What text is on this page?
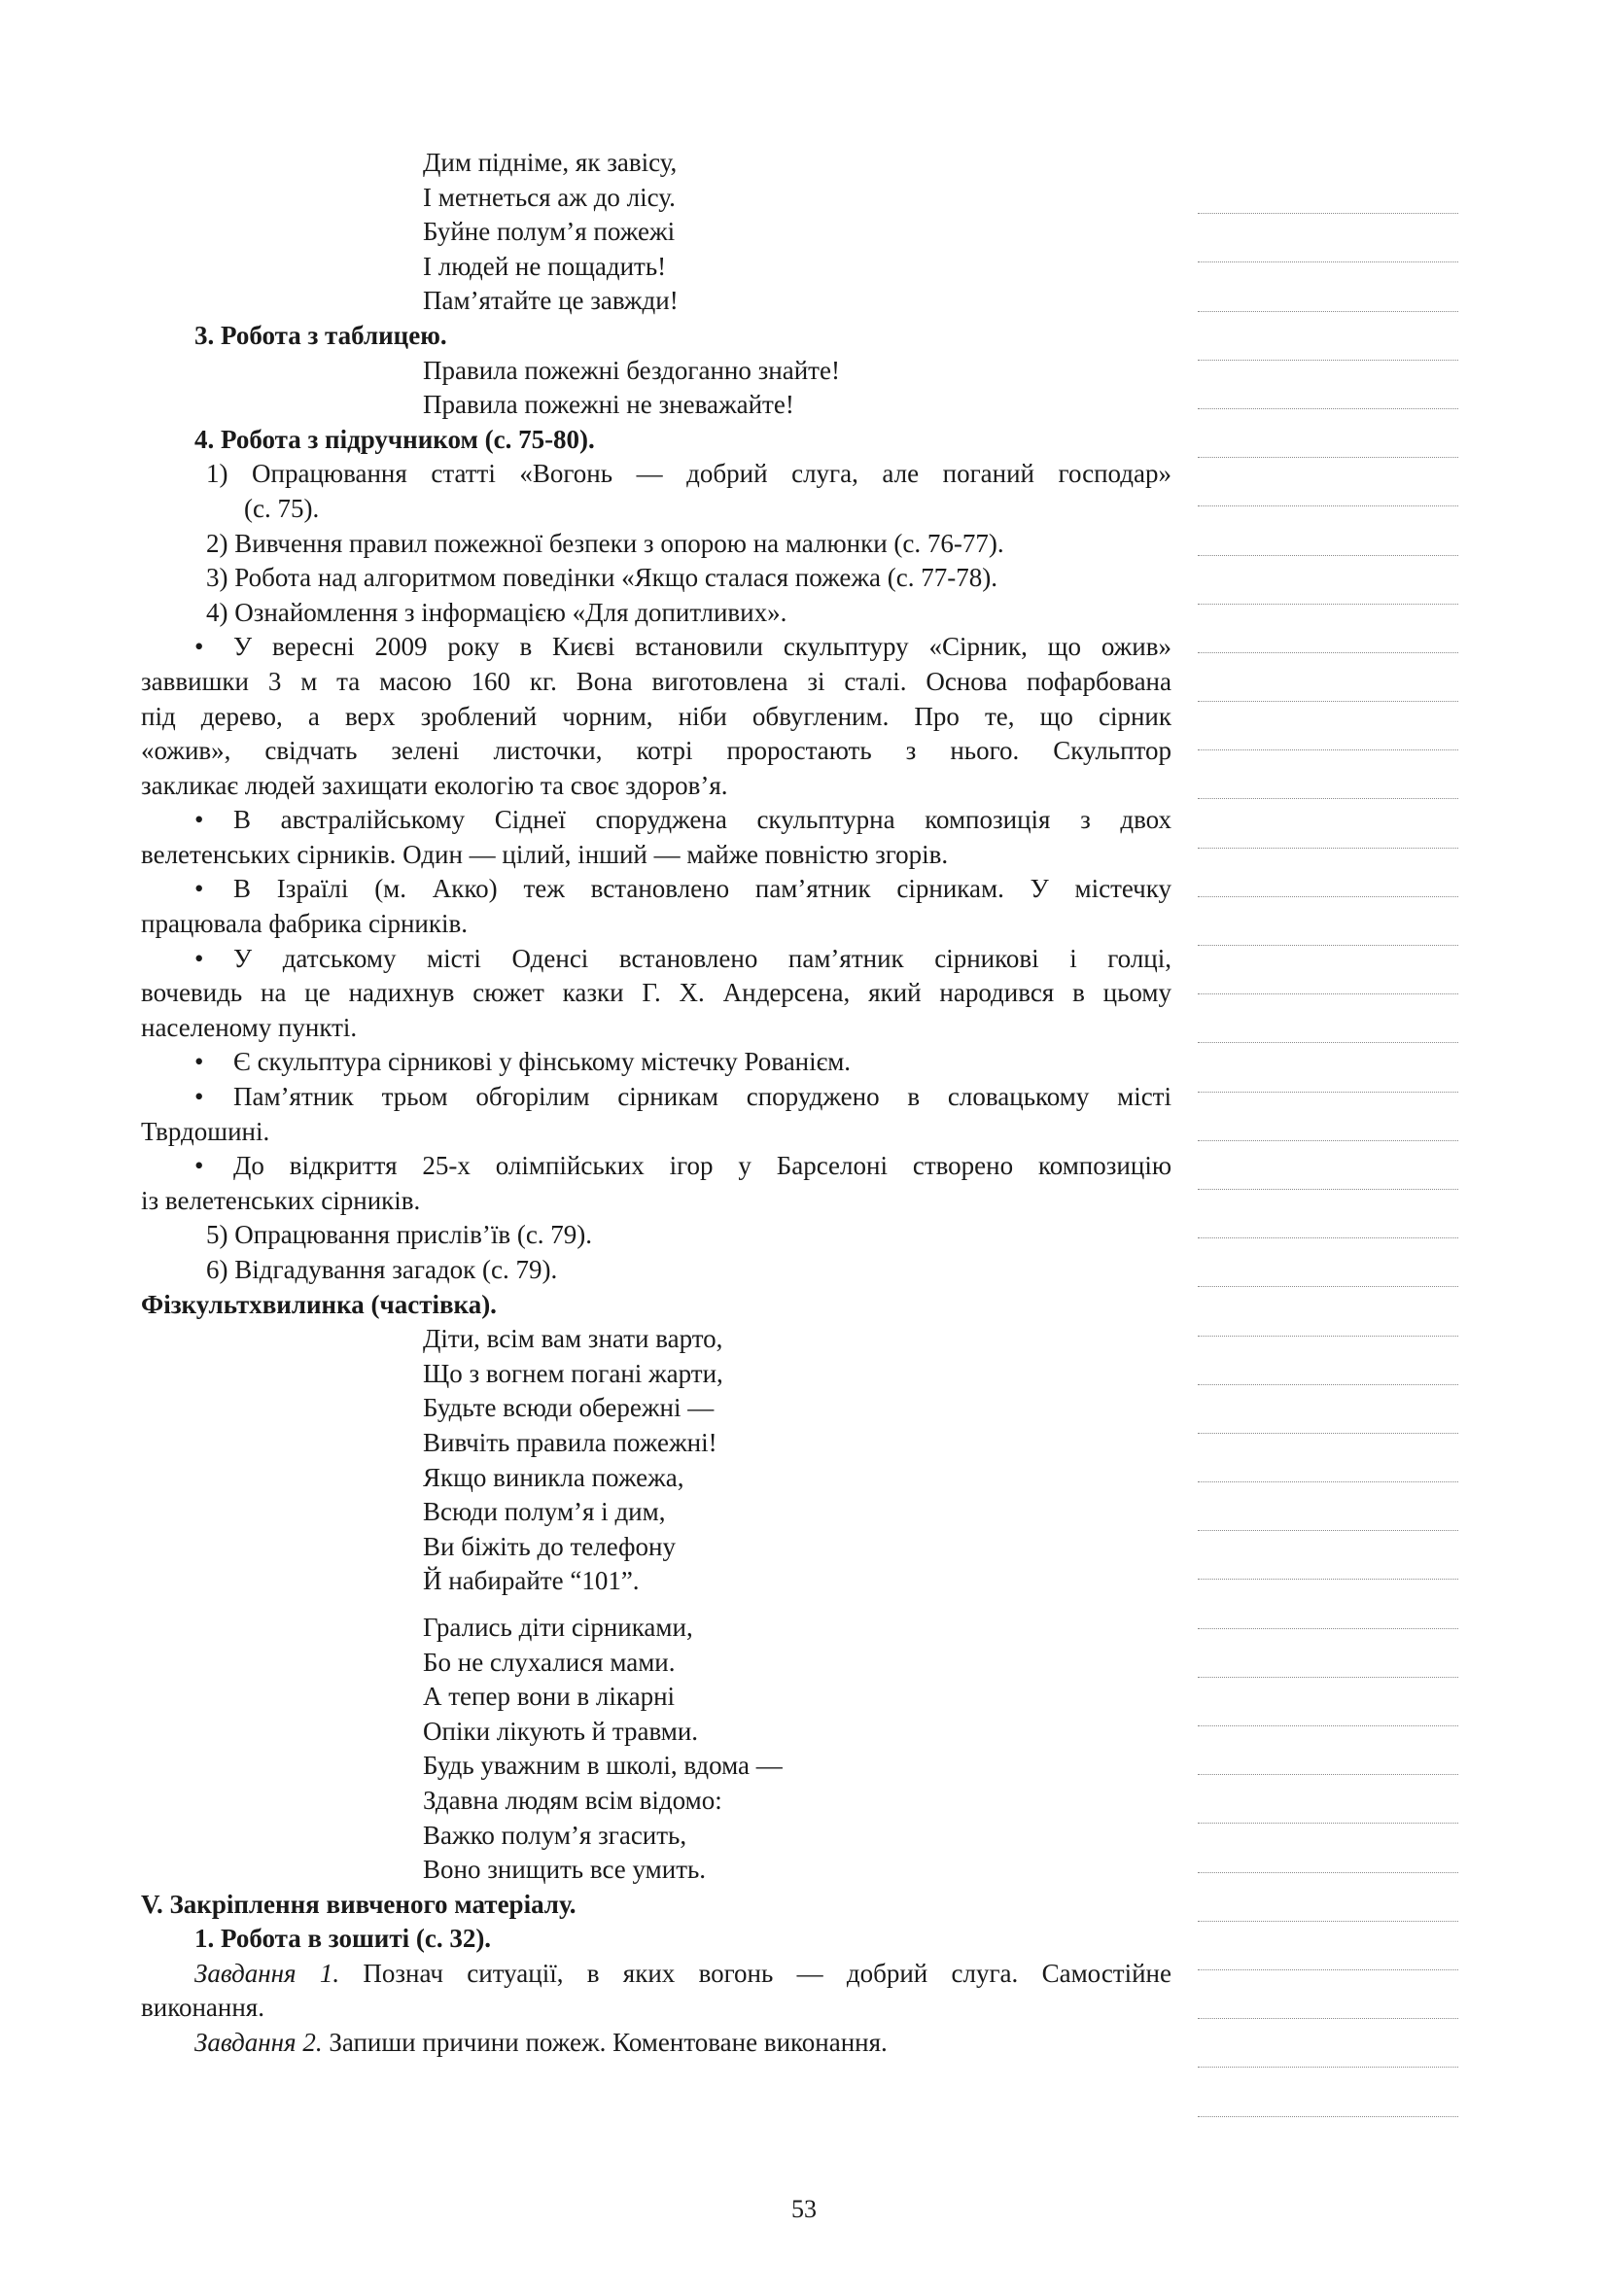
Дим підніме, як завісу,
І метнеться аж до лісу.
Буйне полум’я пожежі
І людей не пощадить!
Пам’ятайте це завжди!
3. Робота з таблицею.
Правила пожежні бездоганно знайте!
Правила пожежні не зневажайте!
4. Робота з підручником (с. 75-80).
1) Опрацювання статті «Вогонь — добрий слуга, але поганий господар»
(с. 75).
2) Вивчення правил пожежної безпеки з опорою на малюнки (с. 76-77).
3) Робота над алгоритмом поведінки «Якщо сталася пожежа (с. 77-78).
4) Ознайомлення з інформацією «Для допитливих».
• У вересні 2009 року в Києві встановили скульптуру «Сірник, що ожив»
заввишки 3 м та масою 160 кг. Вона виготовлена зі сталі. Основа пофарбована
під дерево, а верх зроблений чорним, ніби обвугленим. Про те, що сірник
«ожив», свідчать зелені листочки, котрі проростають з нього. Скульптор
закликає людей захищати екологію та своє здоров’я.
• В австралійському Сіднеї споруджена скульптурна композиція з двох
велетенських сірників. Один — цілий, інший — майже повністю згорів.
• В Ізраїлі (м. Акко) теж встановлено пам’ятник сірникам. У містечку
працювала фабрика сірників.
• У датському місті Оденсі встановлено пам’ятник сірникові і голці,
вочевидь на це надихнув сюжет казки Г. Х. Андерсена, який народився в цьому
населеному пункті.
• Є скульптура сірникові у фінському містечку Рованієм.
• Пам’ятник трьом обгорілим сірникам споруджено в словацькому місті
Тврдошині.
• До відкриття 25-х олімпійських ігор у Барселоні створено композицію
із велетенських сірників.
5) Опрацювання прислів’їв (с. 79).
6) Відгадування загадок (с. 79).
Фізкультхвилинка (частівка).
Діти, всім вам знати варто,
Що з вогнем погані жарти,
Будьте всюди обережні —
Вивчіть правила пожежні!
Якщо виникла пожежа,
Всюди полум’я і дим,
Ви біжіть до телефону
Й набирайте “101”.
Грались діти сірниками,
Бо не слухалися мами.
А тепер вони в лікарні
Опіки лікують й травми.
Будь уважним в школі, вдома —
Здавна людям всім відомо:
Важко полум’я згасить,
Воно знищить все умить.
V. Закріплення вивченого матеріалу.
1. Робота в зошиті (с. 32).
Завдання 1. Познач ситуації, в яких вогонь — добрий слуга. Самостійне
виконання.
Завдання 2. Запиши причини пожеж. Коментоване виконання.
53
